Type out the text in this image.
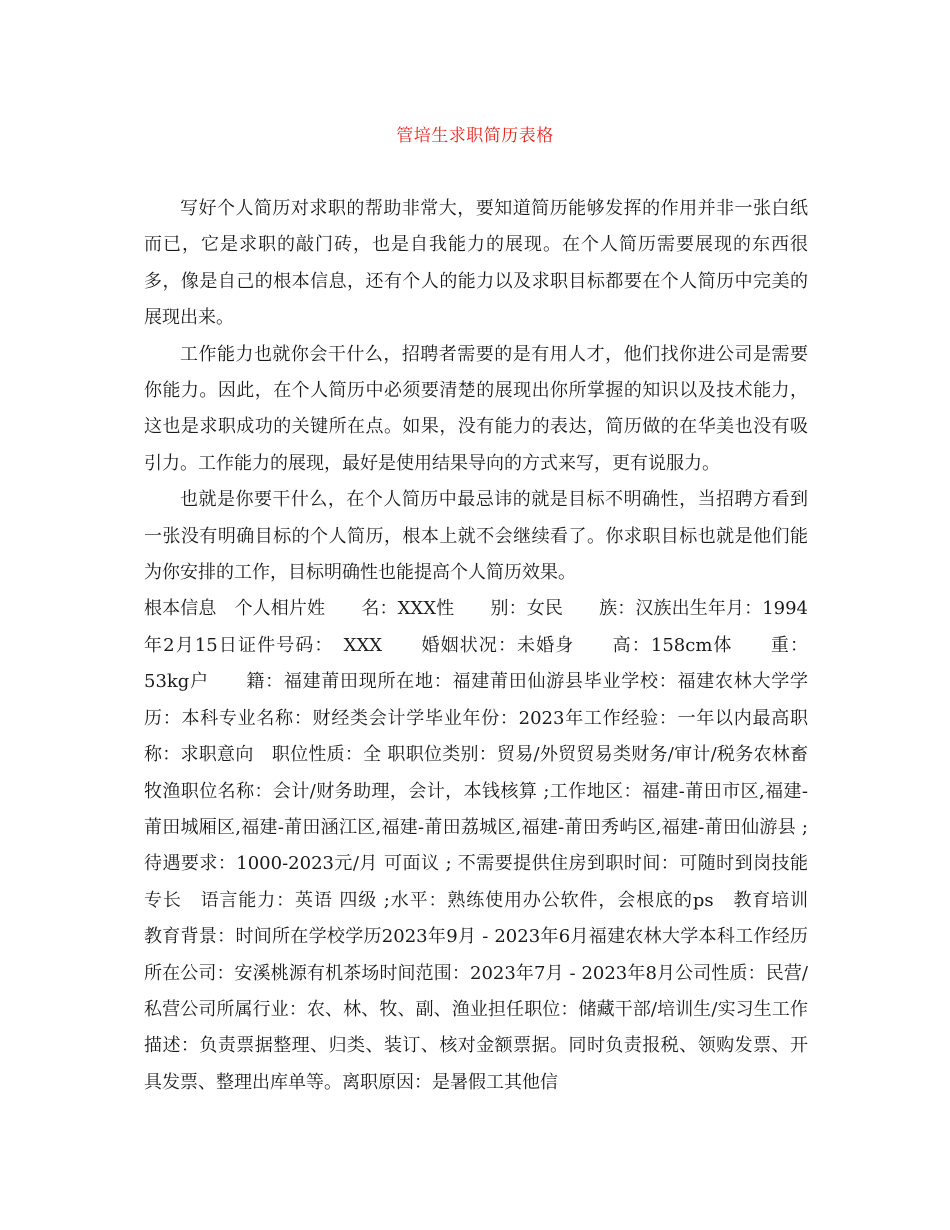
管培生求职简历表格

写好个人简历对求职的帮助非常大，要知道简历能够发挥的作用并非一张白纸而已，它是求职的敲门砖，也是自我能力的展现。在个人简历需要展现的东西很多，像是自己的根本信息，还有个人的能力以及求职目标都要在个人简历中完美的展现出来。

工作能力也就你会干什么，招聘者需要的是有用人才，他们找你进公司是需要你能力。因此，在个人简历中必须要清楚的展现出你所掌握的知识以及技术能力，这也是求职成功的关键所在点。如果，没有能力的表达，简历做的在华美也没有吸引力。工作能力的展现，最好是使用结果导向的方式来写，更有说服力。

也就是你要干什么，在个人简历中最忌讳的就是目标不明确性，当招聘方看到一张没有明确目标的个人简历，根本上就不会继续看了。你求职目标也就是他们能为你安排的工作，目标明确性也能提高个人简历效果。

根本信息　个人相片姓　　名：XXX性　　别：女民　　族：汉族出生年月：1994年2月15日证件号码：　XXX　　婚姻状况：未婚身　　高：158cm体　　重：53kg户　　籍：福建莆田现所在地：福建莆田仙游县毕业学校：福建农林大学学历：本科专业名称：财经类会计学毕业年份：2023年工作经验：一年以内最高职称：求职意向　职位性质：全 职职位类别：贸易/外贸贸易类财务/审计/税务农林畜牧渔职位名称：会计/财务助理，会计，本钱核算 ;工作地区：福建-莆田市区,福建-莆田城厢区,福建-莆田涵江区,福建-莆田荔城区,福建-莆田秀屿区,福建-莆田仙游县 ;待遇要求：1000-2023元/月 可面议 ; 不需要提供住房到职时间：可随时到岗技能专长　语言能力：英语 四级 ;水平：熟练使用办公软件，会根底的ps　教育培训　教育背景：时间所在学校学历2023年9月 - 2023年6月福建农林大学本科工作经历　　所在公司：安溪桃源有机茶场时间范围：2023年7月 - 2023年8月公司性质：民营/私营公司所属行业：农、林、牧、副、渔业担任职位：储藏干部/培训生/实习生工作描述：负责票据整理、归类、装订、核对金额票据。同时负责报税、领购发票、开具发票、整理出库单等。离职原因：是暑假工其他信
